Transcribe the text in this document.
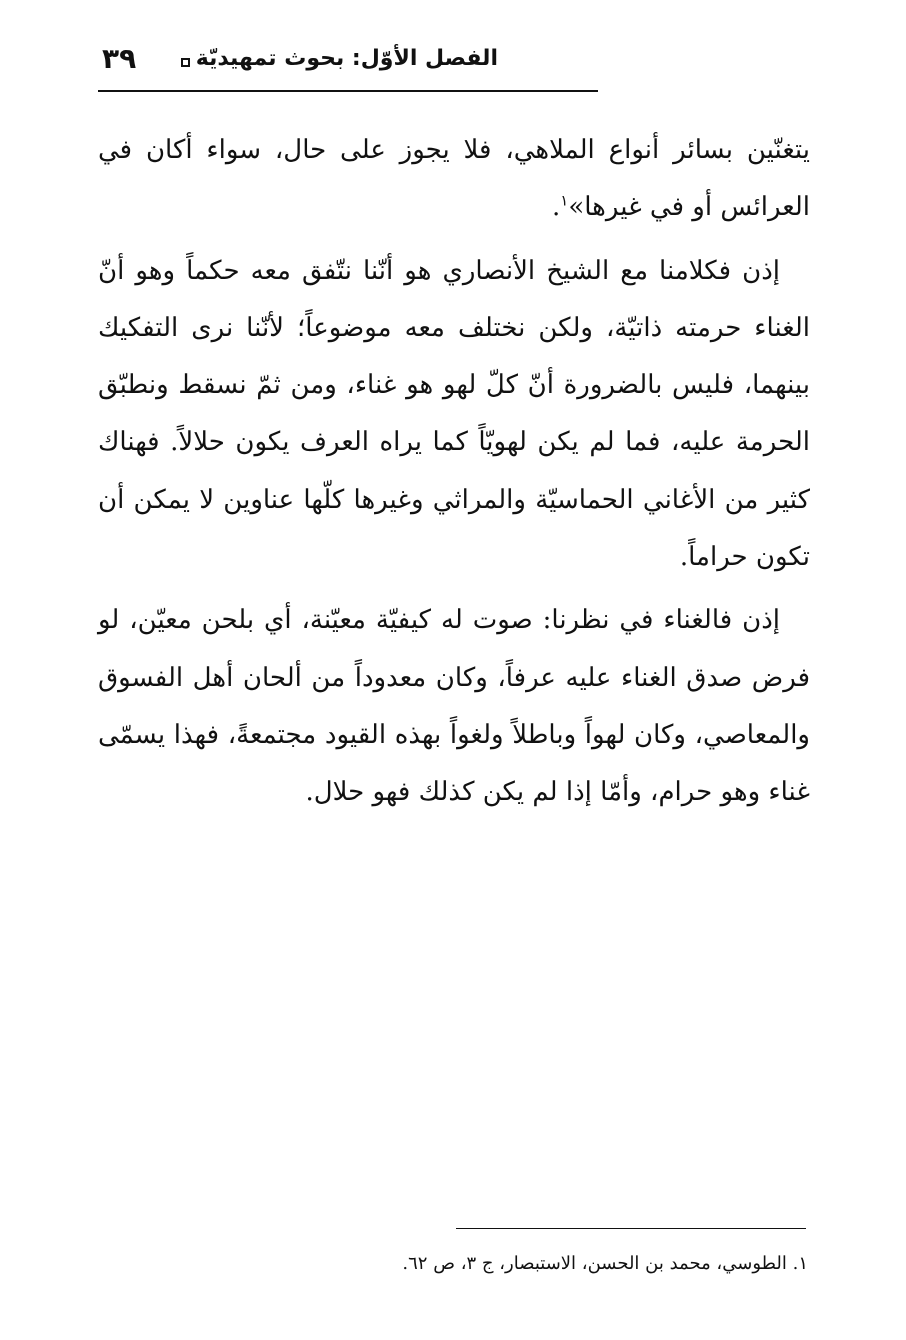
الفصل الأوّل: بحوث تمهيديّة
٣٩

يتغنّين بسائر أنواع الملاهي، فلا يجوز على حال، سواء أكان في العرائس أو في غيرها»$^١$.

إذن فكلامنا مع الشيخ الأنصاري هو أنّنا نتّفق معه حكماً وهو أنّ الغناء حرمته ذاتيّة، ولكن نختلف معه موضوعاً؛ لأنّنا نرى التفكيك بينهما، فليس بالضرورة أنّ كلّ لهو هو غناء، ومن ثمّ نسقط ونطبّق الحرمة عليه، فما لم يكن لهويّاً كما يراه العرف يكون حلالاً. فهناك كثير من الأغاني الحماسيّة والمراثي وغيرها كلّها عناوين لا يمكن أن تكون حراماً.

إذن فالغناء في نظرنا: صوت له كيفيّة معيّنة، أي بلحن معيّن، لو فرض صدق الغناء عليه عرفاً، وكان معدوداً من ألحان أهل الفسوق والمعاصي، وكان لهواً وباطلاً ولغواً بهذه القيود مجتمعةً، فهذا يسمّى غناء وهو حرام، وأمّا إذا لم يكن كذلك فهو حلال.

١. الطوسي، محمد بن الحسن، الاستبصار، ج ٣، ص ٦٢.
